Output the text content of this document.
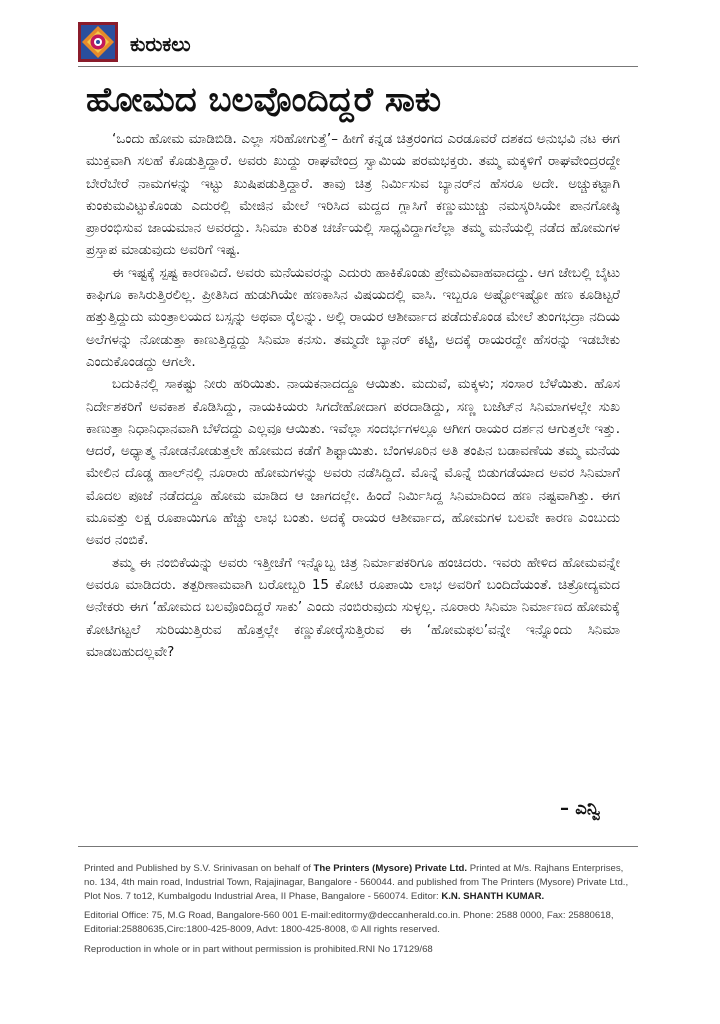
ಕುರುಕಲು
ಹೋಮದ ಬಲವೊಂದಿದ್ದರೆ ಸಾಕು

‘ಒಂದು ಹೋಮ ಮಾಡಿಬಿಡಿ. ಎಲ್ಲಾ ಸರಿಹೋಗುತ್ತೆ’– ಹೀಗೆ ಕನ್ನಡ ಚಿತ್ರರಂಗದ ಎರಡೂವರೆ ದಶಕದ ಅನುಭವಿ ನಟ ಈಗ ಮುಕ್ತವಾಗಿ ಸಲಹೆ ಕೊಡುತ್ತಿದ್ದಾರೆ. ಅವರು ಖುದ್ದು ರಾಘವೇಂದ್ರ ಸ್ವಾಮಿಯ ಪರಮಭಕ್ತರು. ತಮ್ಮ ಮಕ್ಕಳಿಗೆ ರಾಘವೇಂದ್ರರದ್ದೇ ಬೇರೆಬೇರೆ ನಾಮಗಳನ್ನು ಇಟ್ಟು ಖುಷಿಪಡುತ್ತಿದ್ದಾರೆ. ತಾವು ಚಿತ್ರ ನಿರ್ಮಿಸುವ ಬ್ಯಾನರ್‌ನ ಹೆಸರೂ ಅದೇ. ಅಚ್ಚುಕಟ್ಟಾಗಿ ಕುಂಕುಮವಿಟ್ಟುಕೊಂಡು ಎದುರಲ್ಲಿ ಮೇಜಿನ ಮೇಲೆ ಇರಿಸಿದ ಮದ್ದದ ಗ್ಲಾಸಿಗೆ ಕಣ್ಣುಮುಚ್ಚು ನಮಸ್ಕರಿಸಿಯೇ ಪಾನಗೋಷ್ಠಿ ಪ್ರಾರಂಭಿಸುವ ಜಾಯಮಾನ ಅವರದ್ದು. ಸಿನಿಮಾ ಕುರಿತ ಚರ್ಚೆಯಲ್ಲಿ ಸಾಧ್ಯವಿದ್ದಾಗಲೆಲ್ಲಾ ತಮ್ಮ ಮನೆಯಲ್ಲಿ ನಡೆದ ಹೋಮಗಳ ಪ್ರಸ್ತಾಪ ಮಾಡುವುದು ಅವರಿಗೆ ಇಷ್ಟ.

ಈ ಇಷ್ಟಕ್ಕೆ ಸ್ಪಷ್ಟ ಕಾರಣವಿದೆ. ಅವರು ಮನೆಯವರನ್ನು ಎದುರು ಹಾಕಿಕೊಂಡು ಪ್ರೇಮವಿವಾಹವಾದದ್ದು. ಆಗ ಜೇಬಲ್ಲಿ ಬೈಟು ಕಾಫಿಗೂ ಕಾಸಿರುತ್ತಿರಲಿಲ್ಲ. ಪ್ರೀತಿಸಿದ ಹುಡುಗಿಯೇ ಹಣಕಾಸಿನ ವಿಷಯದಲ್ಲಿ ವಾಸಿ. ಇಬ್ಬರೂ ಅಷ್ಟೋಇಷ್ಟೋ ಹಣ ಕೂಡಿಟ್ಟರೆ ಹತ್ತುತ್ತಿದ್ದುದು ಮಂತ್ರಾಲಯದ ಬಸ್ಸನ್ನು ಅಥವಾ ರೈಲನ್ನು. ಅಲ್ಲಿ ರಾಯರ ಆಶೀರ್ವಾದ ಪಡೆದುಕೊಂಡ ಮೇಲೆ ತುಂಗಭದ್ರಾ ನದಿಯ ಅಲೆಗಳನ್ನು ನೋಡುತ್ತಾ ಕಾಣುತ್ತಿದ್ದದ್ದು ಸಿನಿಮಾ ಕನಸು. ತಮ್ಮದೇ ಬ್ಯಾನರ್ ಕಟ್ಟಿ, ಅದಕ್ಕೆ ರಾಯರದ್ದೇ ಹೆಸರನ್ನು ಇಡಬೇಕು ಎಂದುಕೊಂಡದ್ದು ಆಗಲೇ.

ಬದುಕಿನಲ್ಲಿ ಸಾಕಷ್ಟು ನೀರು ಹರಿಯಿತು. ನಾಯಕನಾದದ್ದೂ ಆಯಿತು. ಮದುವೆ, ಮಕ್ಕಳು; ಸಂಸಾರ ಬೆಳೆಯಿತು. ಹೊಸ ನಿರ್ದೇಶಕರಿಗೆ ಅವಕಾಶ ಕೊಡಿಸಿದ್ದು, ನಾಯಕಿಯರು ಸಿಗದೇಹೋದಾಗ ಪರದಾಡಿದ್ದು, ಸಣ್ಣ ಬಜೆಟ್‌ನ ಸಿನಿಮಾಗಳಲ್ಲೇ ಸುಖ ಕಾಣುತ್ತಾ ನಿಧಾನಿಧಾನವಾಗಿ ಬೆಳೆದದ್ದು ಎಲ್ಲವೂ ಆಯಿತು. ಇವೆಲ್ಲಾ ಸಂದರ್ಭಗಳಲ್ಲೂ ಆಗೀಗ ರಾಯರ ದರ್ಶನ ಆಗುತ್ತಲೇ ಇತ್ತು. ಆದರೆ, ಅಧ್ಯಾತ್ಮ ನೋಡನೋಡುತ್ತಲೇ ಹೋಮದ ಕಡೆಗೆ ಶಿಫ್ಟಾಯಿತು. ಬೆಂಗಳೂರಿನ ಅತಿ ತಂಪಿನ ಬಡಾವಣೆಯ ತಮ್ಮ ಮನೆಯ ಮೇಲಿನ ದೊಡ್ಡ ಹಾಲ್‌ನಲ್ಲಿ ನೂರಾರು ಹೋಮಗಳನ್ನು ಅವರು ನಡೆಸಿದ್ದಿದೆ. ಮೊನ್ನೆ ಮೊನ್ನೆ ಬಿಡುಗಡೆಯಾದ ಅವರ ಸಿನಿಮಾಗೆ ಮೊದಲ ಪೂಜೆ ನಡೆದದ್ದೂ ಹೋಮ ಮಾಡಿದ ಆ ಜಾಗದಲ್ಲೇ. ಹಿಂದೆ ನಿರ್ಮಿಸಿದ್ದ ಸಿನಿಮಾದಿಂದ ಹಣ ನಷ್ಟವಾಗಿತ್ತು. ಈಗ ಮೂವತ್ತು ಲಕ್ಷ ರೂಪಾಯಿಗೂ ಹೆಚ್ಚು ಲಾಭ ಬಂತು. ಅದಕ್ಕೆ ರಾಯರ ಆಶೀರ್ವಾದ, ಹೋಮಗಳ ಬಲವೇ ಕಾರಣ ಎಂಬುದು ಅವರ ನಂಬಿಕೆ.

ತಮ್ಮ ಈ ನಂಬಿಕೆಯನ್ನು ಅವರು ಇತ್ತೀಚೆಗೆ ಇನ್ನೊಬ್ಬ ಚಿತ್ರ ನಿರ್ಮಾಪಕರಿಗೂ ಹಂಚಿದರು. ಇವರು ಹೇಳಿದ ಹೋಮವನ್ನೇ ಅವರೂ ಮಾಡಿದರು. ತತ್ಪರಿಣಾಮವಾಗಿ ಬರೋಬ್ಬರಿ 15 ಕೋಟಿ ರೂಪಾಯಿ ಲಾಭ ಅವರಿಗೆ ಬಂದಿದೆಯಂತೆ. ಚಿತ್ರೋದ್ಯಮದ ಅನೇಕರು ಈಗ ‘ಹೋಮದ ಬಲವೊಂದಿದ್ದರೆ ಸಾಕು’ ಎಂದು ನಂಬಿರುವುದು ಸುಳ್ಳಲ್ಲ. ನೂರಾರು ಸಿನಿಮಾ ನಿರ್ಮಾಣದ ಹೋಮಕ್ಕೆ ಕೋಟಿಗಟ್ಟಲೆ ಸುರಿಯುತ್ತಿರುವ ಹೊತ್ತಲ್ಲೇ ಕಣ್ಣುಕೋರೈಸುತ್ತಿರುವ ಈ ‘ಹೋಮಫಲ’ವನ್ನೇ ಇನ್ನೊಂದು ಸಿನಿಮಾ ಮಾಡಬಹುದಲ್ಲವೇ?

– ಎನ್ವಿ

Printed and Published by S.V. Srinivasan on behalf of The Printers (Mysore) Private Ltd. Printed at M/s. Rajhans Enterprises, no. 134, 4th main road, Industrial Town, Rajajinagar, Bangalore - 560044. and published from The Printers (Mysore) Private Ltd., Plot Nos. 7 to12, Kumbalgodu Industrial Area, II Phase, Bangalore - 560074. Editor: K.N. SHANTH KUMAR.

Editorial Office: 75, M.G Road, Bangalore-560 001 E-mail:editormy@deccanherald.co.in. Phone: 2588 0000, Fax: 25880618, Editorial:25880635,Circ:1800-425-8009, Advt: 1800-425-8008, © All rights reserved.

Reproduction in whole or in part without permission is prohibited.RNI No 17129/68
